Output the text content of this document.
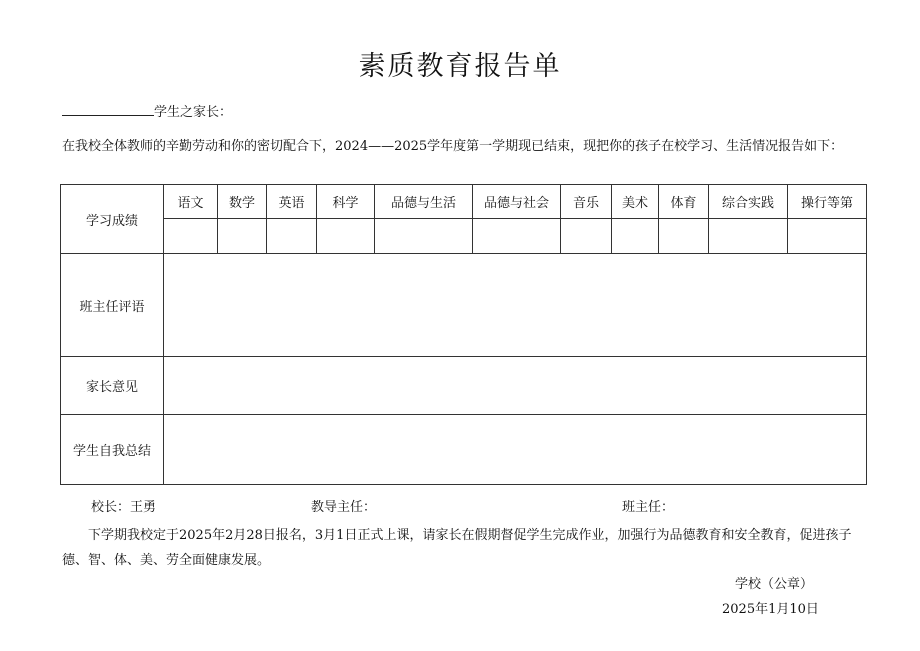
素质教育报告单
学生之家长：
在我校全体教师的辛勤劳动和你的密切配合下，2024——2025学年度第一学期现已结束，现把你的孩子在校学习、生活情况报告如下：
学习成绩	语文	数学	英语	科学	品德与生活	品德与社会	音乐	美术	体育	综合实践	操行等第

班主任评语											
家长意见											
学生自我总结											
校长：王勇	教导主任：	班主任：
下学期我校定于2025年2月28日报名，3月1日正式上课，请家长在假期督促学生完成作业，加强行为品德教育和安全教育，促进孩子德、智、体、美、劳全面健康发展。
学校（公章）
2025年1月10日
